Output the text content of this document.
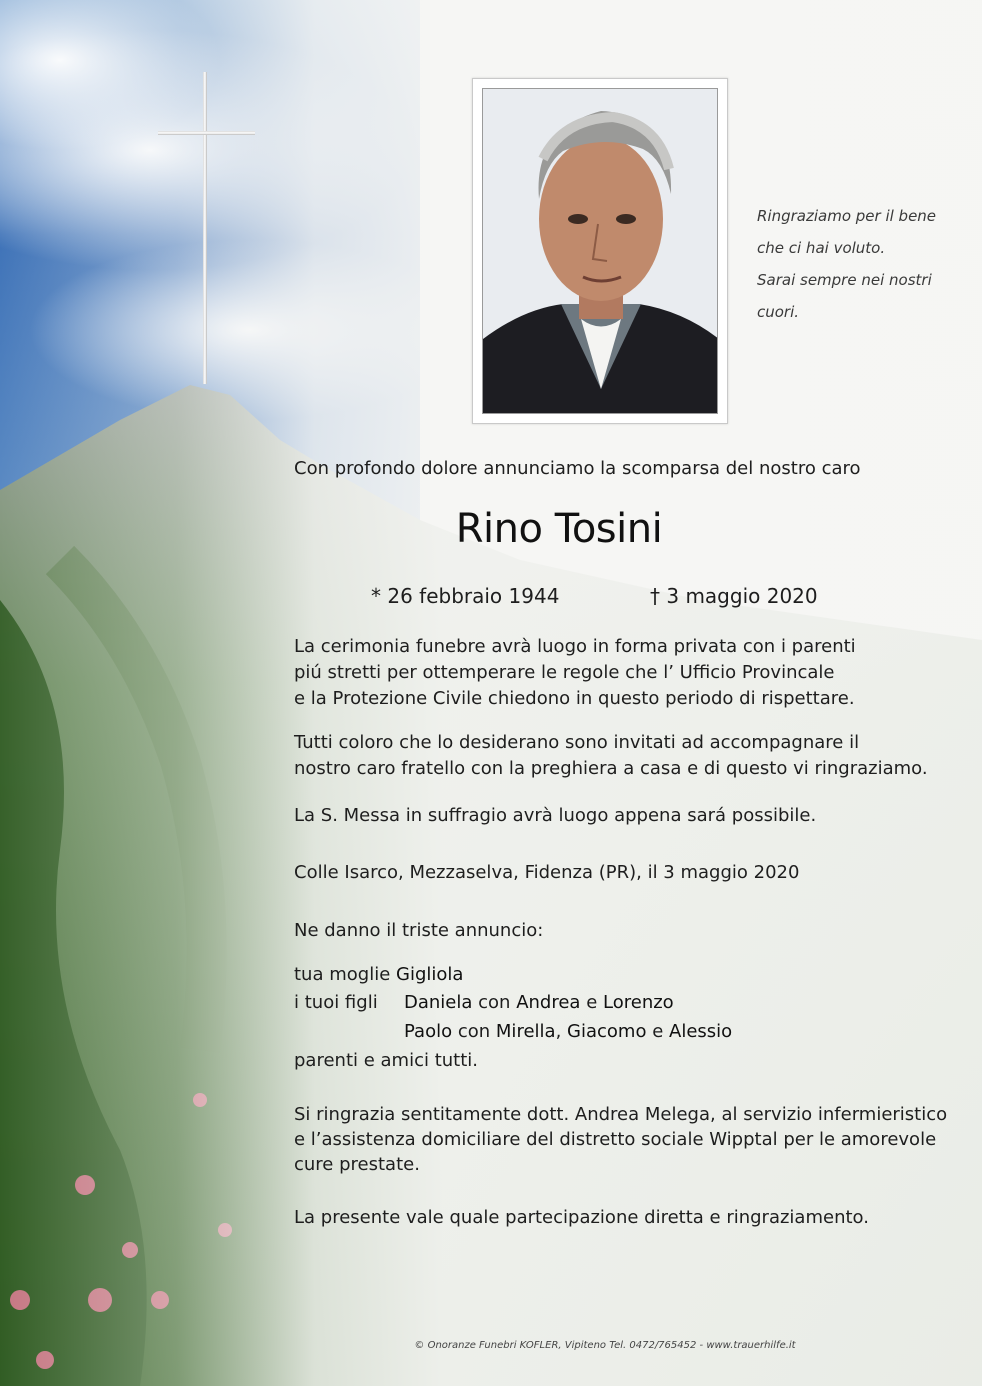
Ringraziamo per il bene
che ci hai voluto.
Sarai sempre nei nostri
cuori.
Con profondo dolore annunciamo la scomparsa del nostro caro
Rino Tosini
* 26 febbraio 1944	† 3 maggio 2020
La cerimonia funebre avrà luogo in forma privata con i parenti
piú stretti per ottemperare le regole che l’ Ufficio Provincale
e la Protezione Civile chiedono in questo periodo di rispettare.
Tutti coloro che lo desiderano sono invitati ad accompagnare il
nostro caro fratello con la preghiera a casa e di questo vi ringraziamo.
La S. Messa in suffragio avrà luogo appena sará possibile.
Colle Isarco, Mezzaselva, Fidenza (PR), il 3 maggio 2020
Ne danno il triste annuncio:
tua moglie Gigliola
i tuoi figli Daniela con Andrea e Lorenzo
Paolo con Mirella, Giacomo e Alessio
parenti e amici tutti.
Si ringrazia sentitamente dott. Andrea Melega, al servizio infermieristico
e l’assistenza domiciliare del distretto sociale Wipptal per le amorevole
cure prestate.
La presente vale quale partecipazione diretta e ringraziamento.
© Onoranze Funebri KOFLER, Vipiteno Tel. 0472/765452 - www.trauerhilfe.it
